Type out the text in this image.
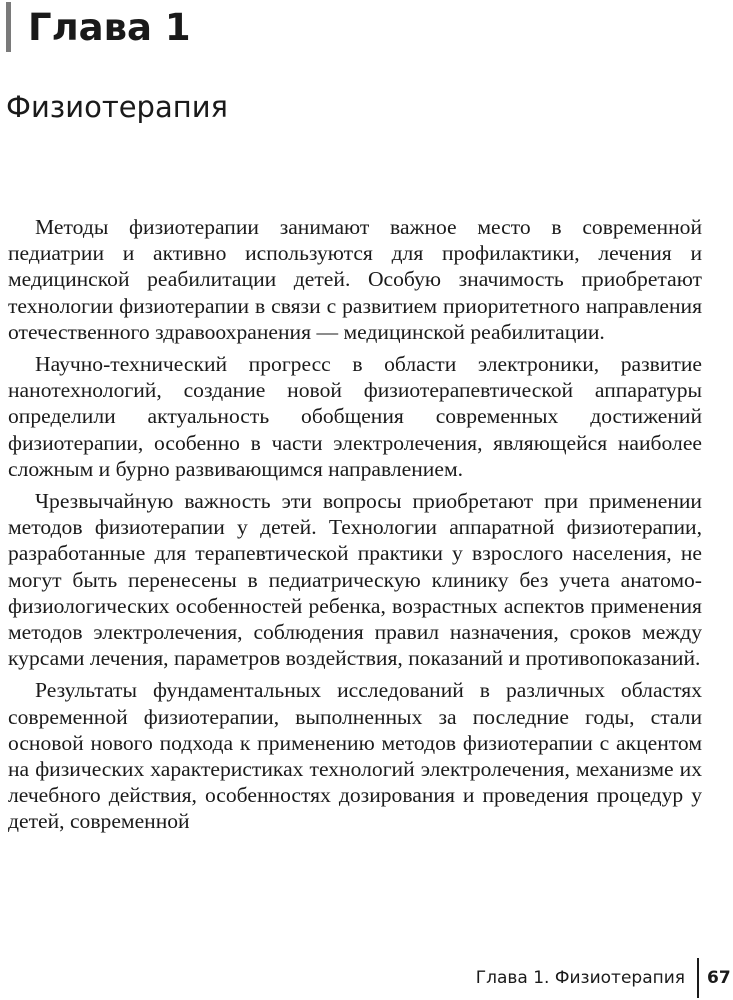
Глава 1
Физиотерапия

Методы физиотерапии занимают важное место в современной педиатрии и активно используются для профилактики, лечения и медицинской реабилитации детей. Особую значимость приобретают технологии физиотерапии в связи с развитием приоритетного направления отечественного здравоохранения — медицинской реабилитации.

Научно-технический прогресс в области электроники, развитие нанотехнологий, создание новой физиотерапевтической аппаратуры определили актуальность обобщения современных достижений физиотерапии, особенно в части электролечения, являющейся наиболее сложным и бурно развивающимся направлением.

Чрезвычайную важность эти вопросы приобретают при применении методов физиотерапии у детей. Технологии аппаратной физиотерапии, разработанные для терапевтической практики у взрослого населения, не могут быть перенесены в педиатрическую клинику без учета анатомо-физиологических особенностей ребенка, возрастных аспектов применения методов электролечения, соблюдения правил назначения, сроков между курсами лечения, параметров воздействия, показаний и противопоказаний.

Результаты фундаментальных исследований в различных областях современной физиотерапии, выполненных за последние годы, стали основой нового подхода к применению методов физиотерапии с акцентом на физических характеристиках технологий электролечения, механизме их лечебного действия, особенностях дозирования и проведения процедур у детей, современной

Глава 1. Физиотерапия 67
